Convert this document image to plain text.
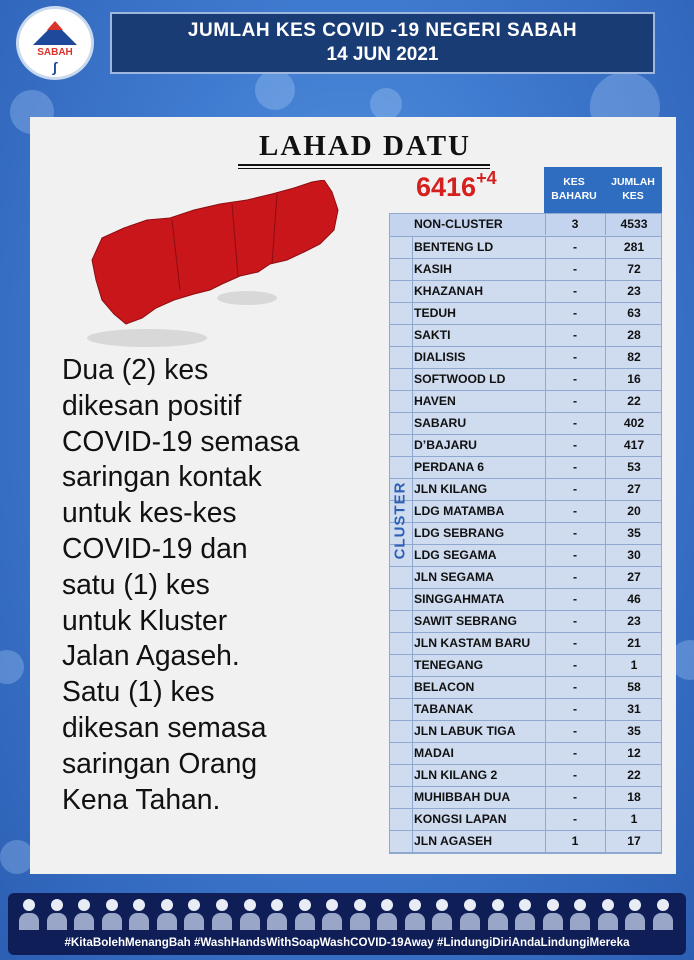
SABAH
∫
JUMLAH KES COVID -19 NEGERI SABAH
14 JUN 2021
LAHAD DATU
$6416^{+4}$
Dua (2) kes
dikesan positif
COVID-19 semasa
saringan kontak
untuk kes-kes
COVID-19 dan
satu (1) kes
untuk Kluster
Jalan Agaseh.
Satu (1) kes
dikesan semasa
saringan Orang
Kena Tahan.
KES
BAHARU
JUMLAH
KES
NON-CLUSTER	3	4533
BENTENG LD	-	281
KASIH	-	72
KHAZANAH	-	23
TEDUH	-	63
SAKTI	-	28
DIALISIS	-	82
SOFTWOOD LD	-	16
HAVEN	-	22
SABARU	-	402
D’BAJARU	-	417
PERDANA 6	-	53
JLN KILANG	-	27
LDG MATAMBA	-	20
LDG SEBRANG	-	35
LDG SEGAMA	-	30
JLN SEGAMA	-	27
SINGGAHMATA	-	46
SAWIT SEBRANG	-	23
JLN KASTAM BARU	-	21
TENEGANG	-	1
BELACON	-	58
TABANAK	-	31
JLN LABUK TIGA	-	35
MADAI	-	12
JLN KILANG 2	-	22
MUHIBBAH DUA	-	18
KONGSI LAPAN	-	1
JLN AGASEH	1	17
CLUSTER
#KitaBolehMenangBah #WashHandsWithSoapWashCOVID-19Away #LindungiDiriAndaLindungiMereka
